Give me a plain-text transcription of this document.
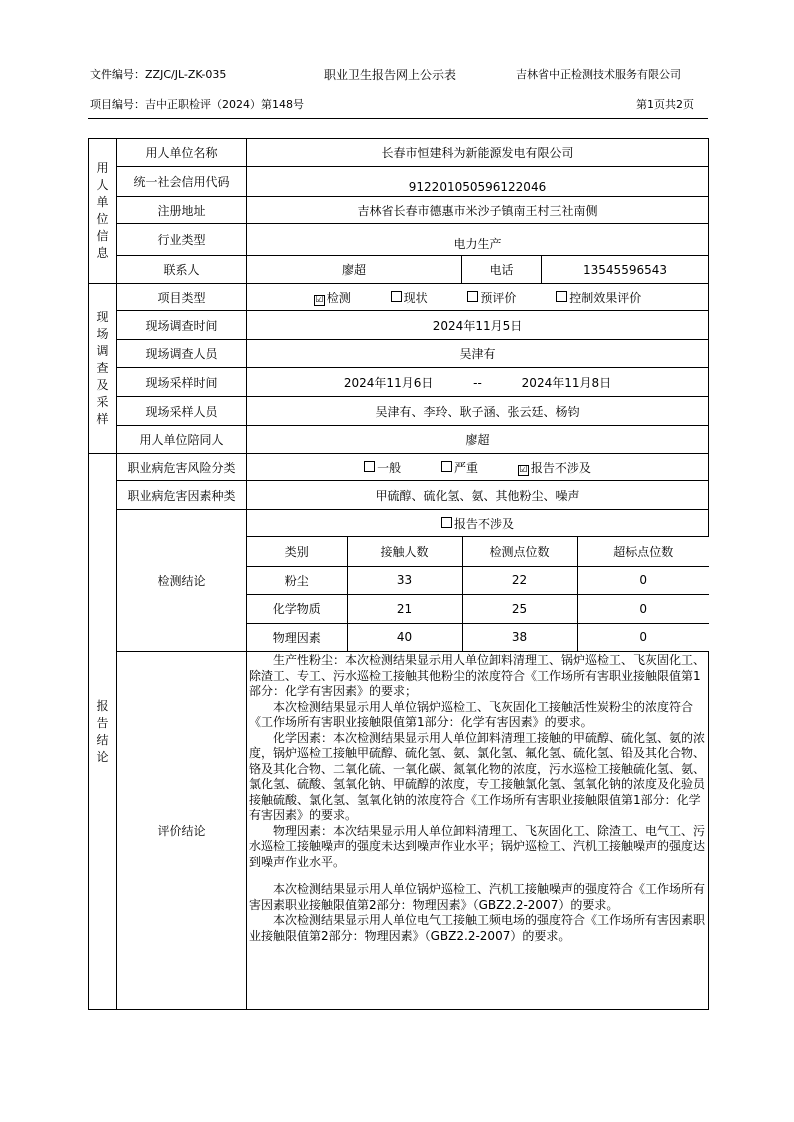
文件编号：ZZJC/JL-ZK-035	职业卫生报告网上公示表	吉林省中正检测技术服务有限公司
项目编号：吉中正职检评（2024）第148号	第1页共2页
用
人
单
位
信
息
	用人单位名称	长春市恒建科为新能源发电有限公司
统一社会信用代码	91220105059612204​6
注册地址	吉林省长春市德惠市米沙子镇南王村三社南侧
行业类型	电力生产
联系人	廖超	电话	13545596543

现
场
调
查
及
采
样
	项目类型	☑ 检测	现状	预评价	控制效果评价
现场调查时间	2024年11月5日
现场调查人员	吴津有
现场采样时间	2024年11月6日	--	2024年11月8日
现场采样人员	吴津有、李玲、耿子涵、张云廷、杨钧
用人单位陪同人	廖超

报
告
结
论
	职业病危害风险分类	一般	严重	☑ 报告不涉及
职业病危害因素种类	甲硫醇、硫化氢、氨、其他粉尘、噪声
检测结论	报告不涉及

类别	接触人数	检测点位数	超标点位数
粉尘	33	22	0
化学物质	21	25	0
物理因素	40	38	0

评价结论	

生产性粉尘：本次检测结果显示用人单位卸料清理工、锅炉巡检工、飞灰固化工、除渣工、专工、污水巡检工接触其他粉尘的浓度符合《工作场所有害职业接触限值第1部分：化学有害因素》的要求；

本次检测结果显示用人单位锅炉巡检工、飞灰固化工接触活性炭粉尘的浓度符合《工作场所有害职业接触限值第1部分：化学有害因素》的要求。

化学因素：本次检测结果显示用人单位卸料清理工接触的甲硫醇、硫化氢、氨的浓度，锅炉巡检工接触甲硫醇、硫化氢、氨、氯化氢、氟化氢、硫化氢、铅及其化合物、铬及其化合物、二氧化硫、一氧化碳、氮氧化物的浓度，污水巡检工接触硫化氢、氨、氯化氢、硫酸、氢氧化钠、甲硫醇的浓度，专工接触氯化氢、氢氧化钠的浓度及化验员接触硫酸、氯化氢、氢氧化钠的浓度符合《工作场所有害职业接触限值第1部分：化学有害因素》的要求。

物理因素：本次结果显示用人单位卸料清理工、飞灰固化工、除渣工、电气工、污水巡检工接触噪声的强度未达到噪声作业水平；锅炉巡检工、汽机工接触噪声的强度达到噪声作业水平。

本次检测结果显示用人单位锅炉巡检工、汽机工接触噪声的强度符合《工作场所有害因素职业接触限值第2部分：物理因素》（GBZ2.2-2007）的要求。

本次检测结果显示用人单位电气工接触工频电场的强度符合《工作场所有害因素职业接触限值第2部分：物理因素》（GBZ2.2-2007）的要求。
